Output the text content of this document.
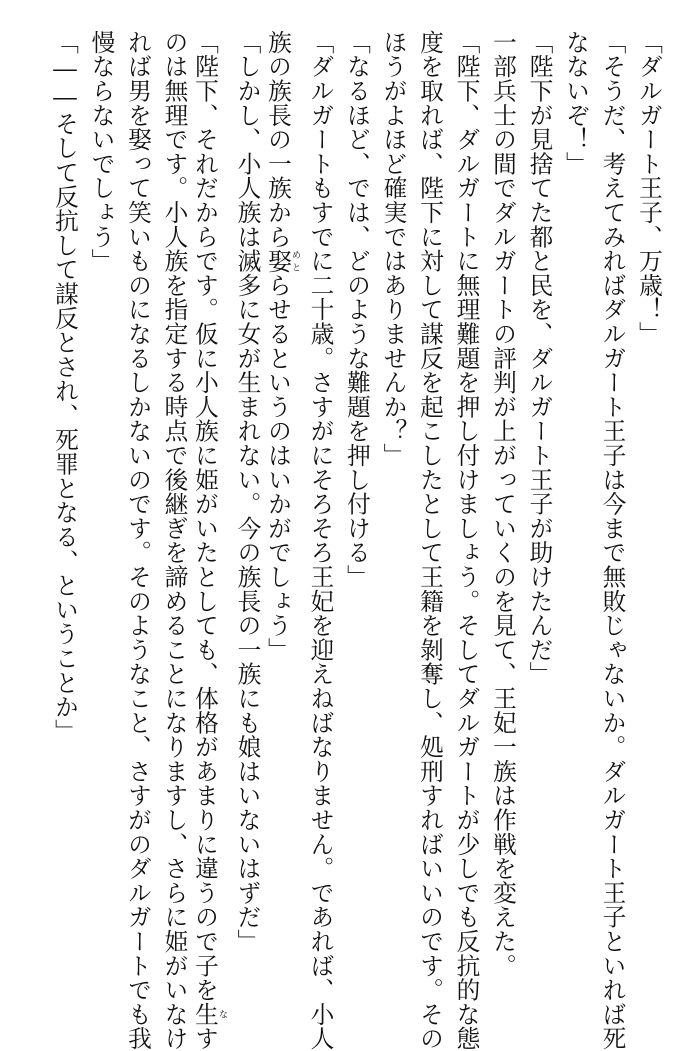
「ダルガート王子、万歳！」
「そうだ、考えてみればダルガート王子は今まで無敗じゃないか。ダルガート王子といれば死
なないぞ！」
「陛下が見捨てた都と民を、ダルガート王子が助けたんだ」
一部兵士の間でダルガートの評判が上がっていくのを見て、王妃一族は作戦を変えた。
「陛下、ダルガートに無理難題を押し付けましょう。そしてダルガートが少しでも反抗的な態
度を取れば、陛下に対して謀反を起こしたとして王籍を剝奪し、処刑すればいいのです。その
ほうがよほど確実ではありませんか？」
「なるほど、では、どのような難題を押し付ける」
「ダルガートもすでに二十歳。さすがにそろそろ王妃を迎えねばなりません。であれば、小人
族の族長の一族から娶めとらせるというのはいかがでしょう」
「しかし、小人族は滅多に女が生まれない。今の族長の一族にも娘はいないはずだ」
「陛下、それだからです。仮に小人族に姫がいたとしても、体格があまりに違うので子を生なす
のは無理です。小人族を指定する時点で後継ぎを諦めることになりますし、さらに姫がいなけ
れば男を娶って笑いものになるしかないのです。そのようなこと、さすがのダルガートでも我
慢ならないでしょう」
「――そして反抗して謀反とされ、死罪となる、ということか」
